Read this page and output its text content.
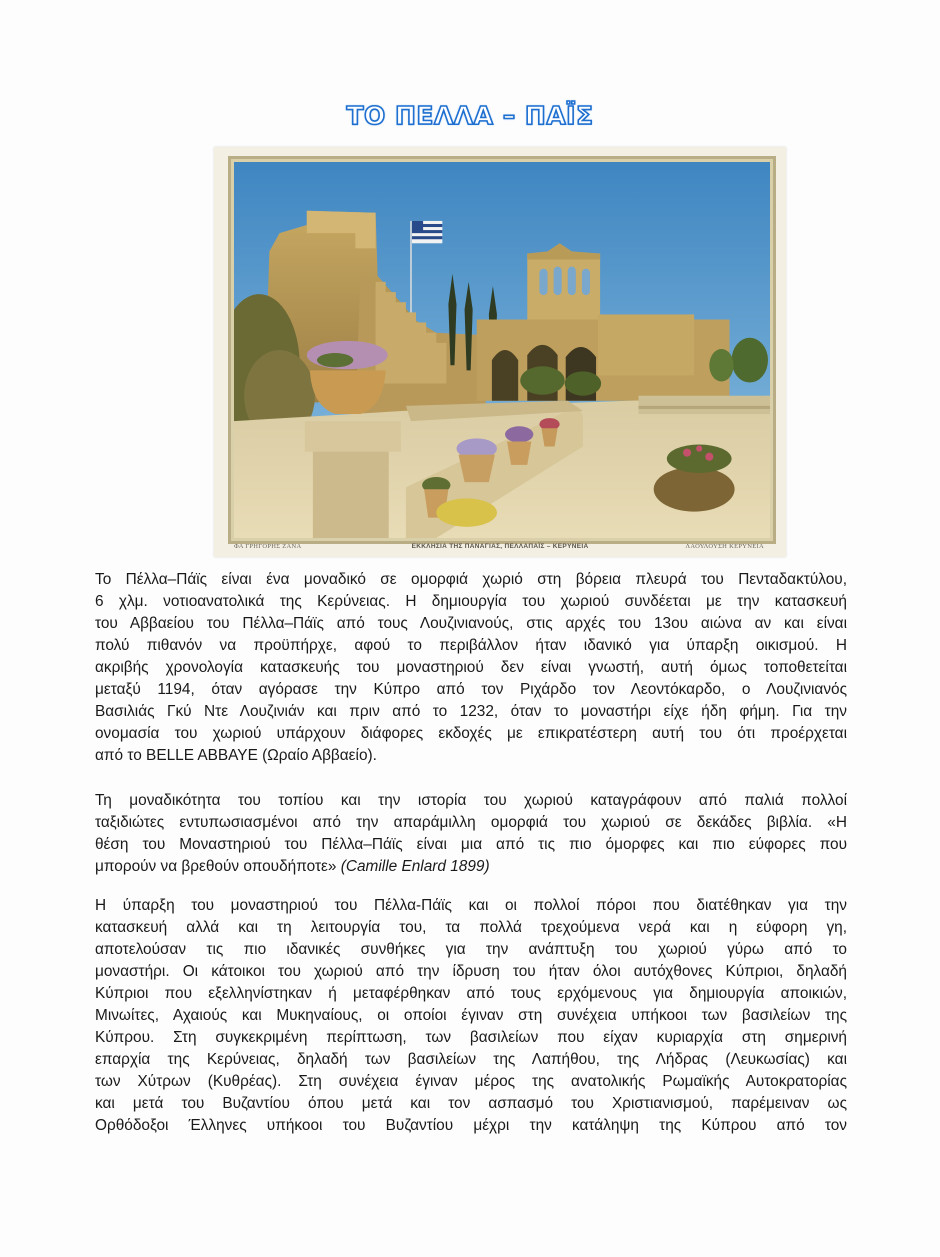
ΤΟ ΠΕΛΛΑ – ΠΑΪΣ
ΦΑ ΓΡΗΓΟΡΗΣ ΖΑΝΑ	ΕΚΚΛΗΣΙΑ ΤΗΣ ΠΑΝΑΓΙΑΣ, ΠΕΛΛΑΠΑΪΣ – ΚΕΡΥΝΕΙΑ	ΛΑΟΥΛΟΥΣΗ ΚΕΡΥΝΕΙΑ
Το Πέλλα–Πάϊς είναι ένα μοναδικό σε ομορφιά χωριό στη βόρεια πλευρά του Πενταδακτύλου,
6 χλμ. νοτιοανατολικά της Κερύνειας. Η δημιουργία του χωριού συνδέεται με την κατασκευή
του Αββαείου του Πέλλα–Πάϊς από τους Λουζινιανούς, στις αρχές του 13ου αιώνα αν και είναι
πολύ πιθανόν να προϋπήρχε, αφού το περιβάλλον ήταν ιδανικό για ύπαρξη οικισμού. Η
ακριβής χρονολογία κατασκευής του μοναστηριού δεν είναι γνωστή, αυτή όμως τοποθετείται
μεταξύ 1194, όταν αγόρασε την Κύπρο από τον Ριχάρδο τον Λεοντόκαρδο, ο Λουζινιανός
Βασιλιάς Γκύ Ντε Λουζινιάν και πριν από το 1232, όταν το μοναστήρι είχε ήδη φήμη. Για την
ονομασία του χωριού υπάρχουν διάφορες εκδοχές με επικρατέστερη αυτή του ότι προέρχεται
από το BELLE ABBAYE (Ωραίο Αββαείο).
Τη μοναδικότητα του τοπίου και την ιστορία του χωριού καταγράφουν από παλιά πολλοί
ταξιδιώτες εντυπωσιασμένοι από την απαράμιλλη ομορφιά του χωριού σε δεκάδες βιβλία. «Η
θέση του Μοναστηριού του Πέλλα–Πάϊς είναι μια από τις πιο όμορφες και πιο εύφορες που
μπορούν να βρεθούν οπουδήποτε» (Camille Enlard 1899)
Η ύπαρξη του μοναστηριού του Πέλλα-Πάϊς και οι πολλοί πόροι που διατέθηκαν για την
κατασκευή αλλά και τη λειτουργία του, τα πολλά τρεχούμενα νερά και η εύφορη γη,
αποτελούσαν τις πιο ιδανικές συνθήκες για την ανάπτυξη του χωριού γύρω από το
μοναστήρι. Οι κάτοικοι του χωριού από την ίδρυση του ήταν όλοι αυτόχθονες Κύπριοι, δηλαδή
Κύπριοι που εξελληνίστηκαν ή μεταφέρθηκαν από τους ερχόμενους για δημιουργία αποικιών,
Μινωίτες, Αχαιούς και Μυκηναίους, οι οποίοι έγιναν στη συνέχεια υπήκοοι των βασιλείων της
Κύπρου. Στη συγκεκριμένη περίπτωση, των βασιλείων που είχαν κυριαρχία στη σημερινή
επαρχία της Κερύνειας, δηλαδή των βασιλείων της Λαπήθου, της Λήδρας (Λευκωσίας) και
των Χύτρων (Κυθρέας). Στη συνέχεια έγιναν μέρος της ανατολικής Ρωμαϊκής Αυτοκρατορίας
και μετά του Βυζαντίου όπου μετά και τον ασπασμό του Χριστιανισμού, παρέμειναν ως
Ορθόδοξοι Έλληνες υπήκοοι του Βυζαντίου μέχρι την κατάληψη της Κύπρου από τον
